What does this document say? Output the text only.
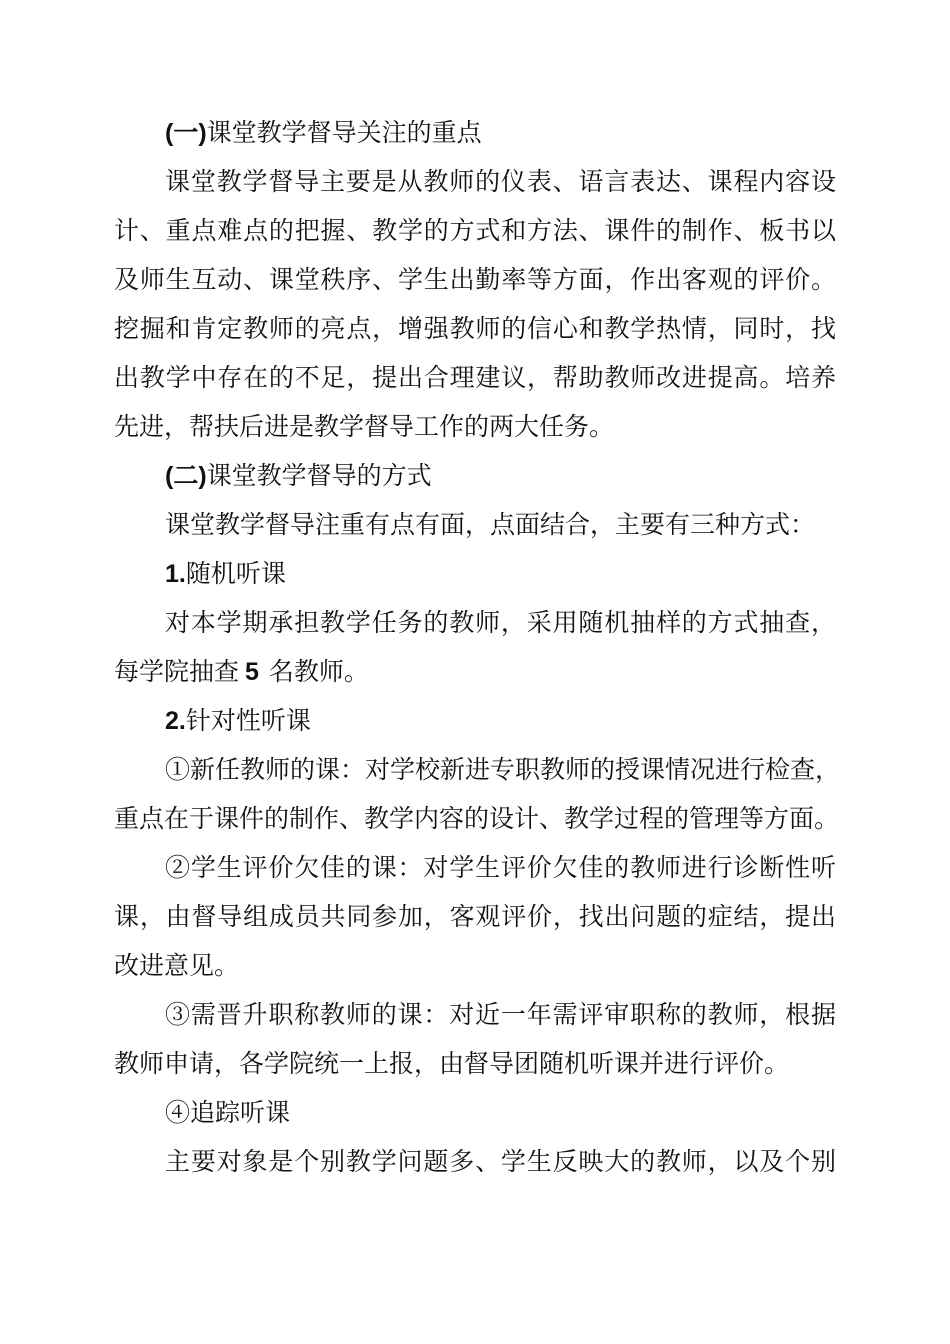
(一)课堂教学督导关注的重点
课堂教学督导主要是从教师的仪表、语言表达、课程内容设
计、重点难点的把握、教学的方式和方法、课件的制作、板书以
及师生互动、课堂秩序、学生出勤率等方面，作出客观的评价。
挖掘和肯定教师的亮点，增强教师的信心和教学热情，同时，找
出教学中存在的不足，提出合理建议，帮助教师改进提高。培养
先进，帮扶后进是教学督导工作的两大任务。
(二)课堂教学督导的方式
课堂教学督导注重有点有面，点面结合，主要有三种方式：
1.随机听课
对本学期承担教学任务的教师，采用随机抽样的方式抽查，
每学院抽查 5 名教师。
2.针对性听课
①新任教师的课：对学校新进专职教师的授课情况进行检查，
重点在于课件的制作、教学内容的设计、教学过程的管理等方面。
②学生评价欠佳的课：对学生评价欠佳的教师进行诊断性听
课，由督导组成员共同参加，客观评价，找出问题的症结，提出
改进意见。
③需晋升职称教师的课：对近一年需评审职称的教师，根据
教师申请，各学院统一上报，由督导团随机听课并进行评价。
④追踪听课
主要对象是个别教学问题多、学生反映大的教师，以及个别
